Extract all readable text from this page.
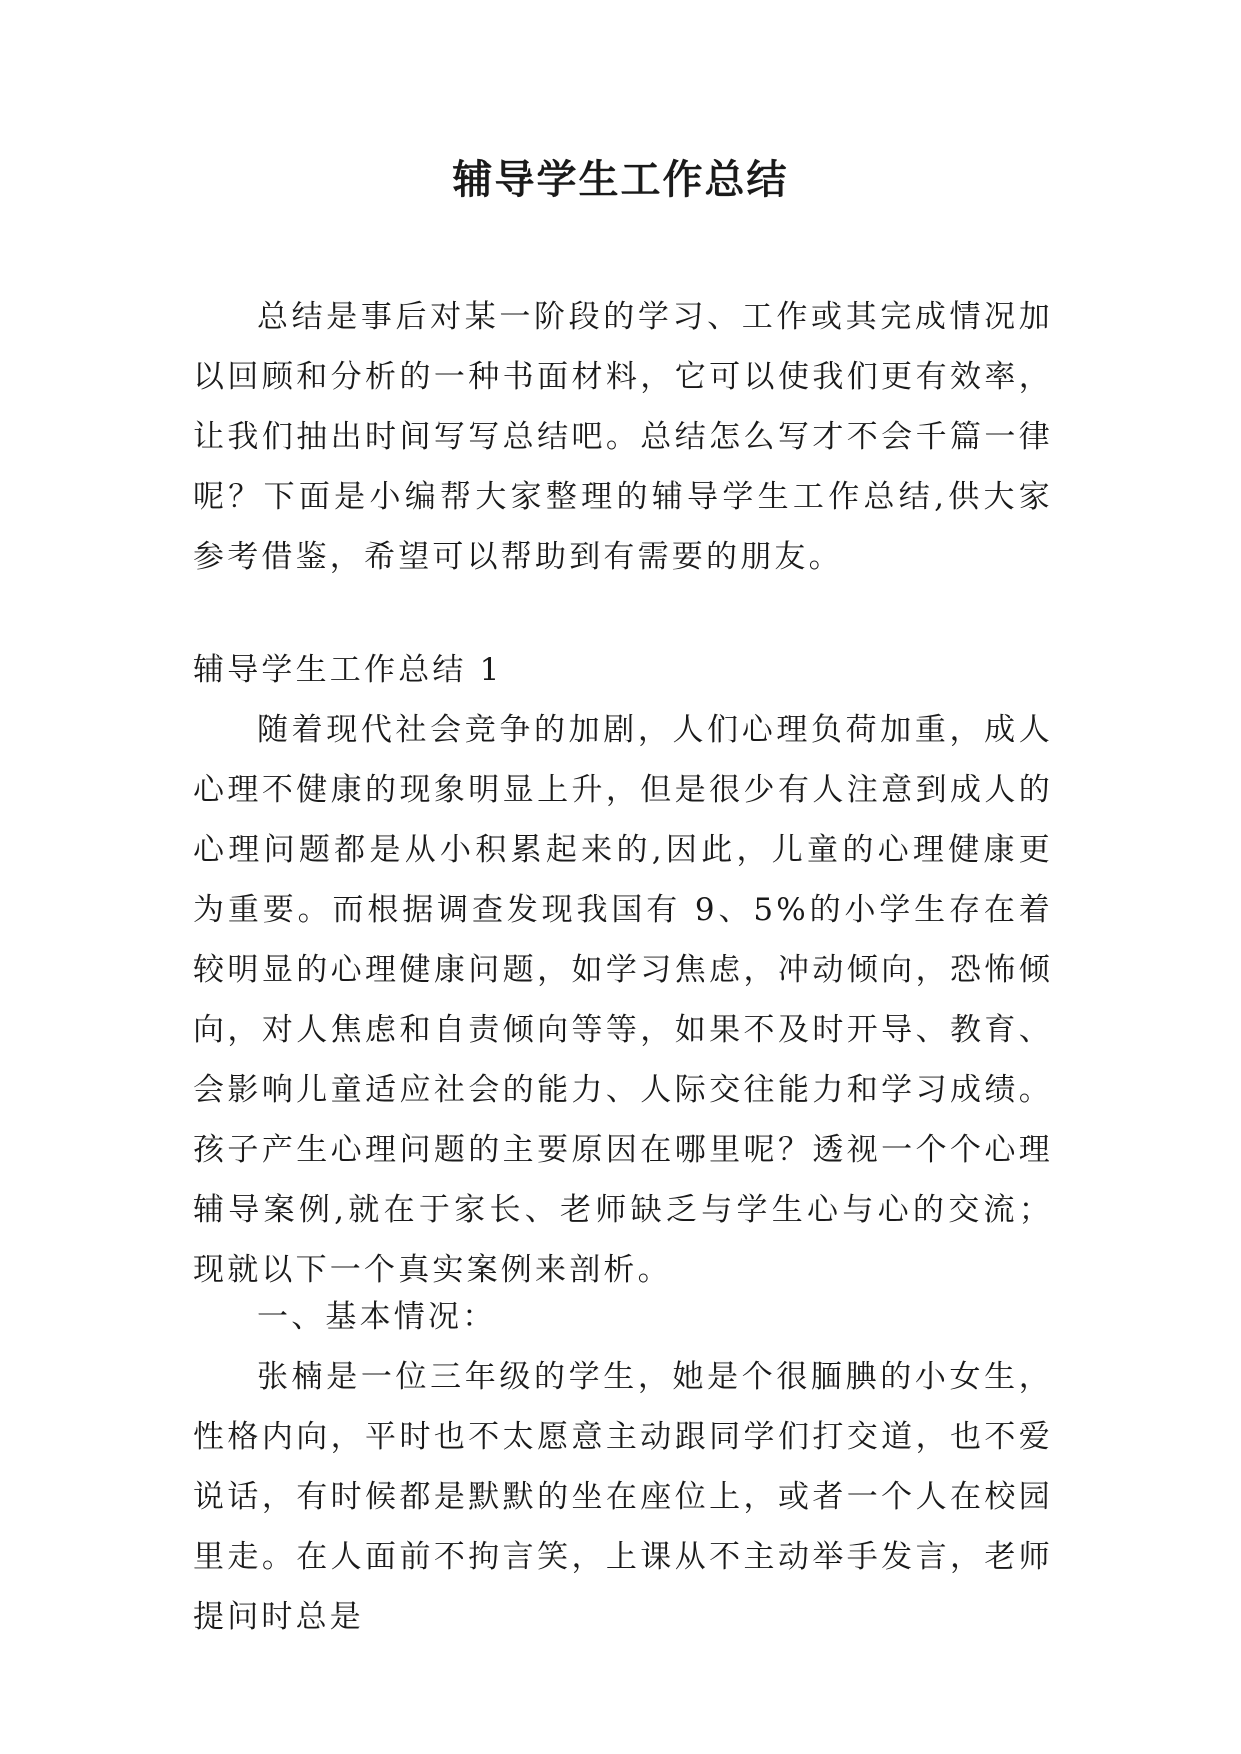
辅导学生工作总结

总结是事后对某一阶段的学习、工作或其完成情况加以回顾和分析的一种书面材料，它可以使我们更有效率，让我们抽出时间写写总结吧。总结怎么写才不会千篇一律呢？下面是小编帮大家整理的辅导学生工作总结,供大家参考借鉴，希望可以帮助到有需要的朋友。

辅导学生工作总结 1

随着现代社会竞争的加剧，人们心理负荷加重，成人心理不健康的现象明显上升，但是很少有人注意到成人的心理问题都是从小积累起来的,因此，儿童的心理健康更为重要。而根据调查发现我国有 9、5%的小学生存在着较明显的心理健康问题，如学习焦虑，冲动倾向，恐怖倾向，对人焦虑和自责倾向等等，如果不及时开导、教育、会影响儿童适应社会的能力、人际交往能力和学习成绩。孩子产生心理问题的主要原因在哪里呢？透视一个个心理辅导案例,就在于家长、老师缺乏与学生心与心的交流；现就以下一个真实案例来剖析。

一、基本情况：

张楠是一位三年级的学生，她是个很腼腆的小女生，性格内向，平时也不太愿意主动跟同学们打交道，也不爱说话，有时候都是默默的坐在座位上，或者一个人在校园里走。在人面前不拘言笑，上课从不主动举手发言，老师提问时总是
